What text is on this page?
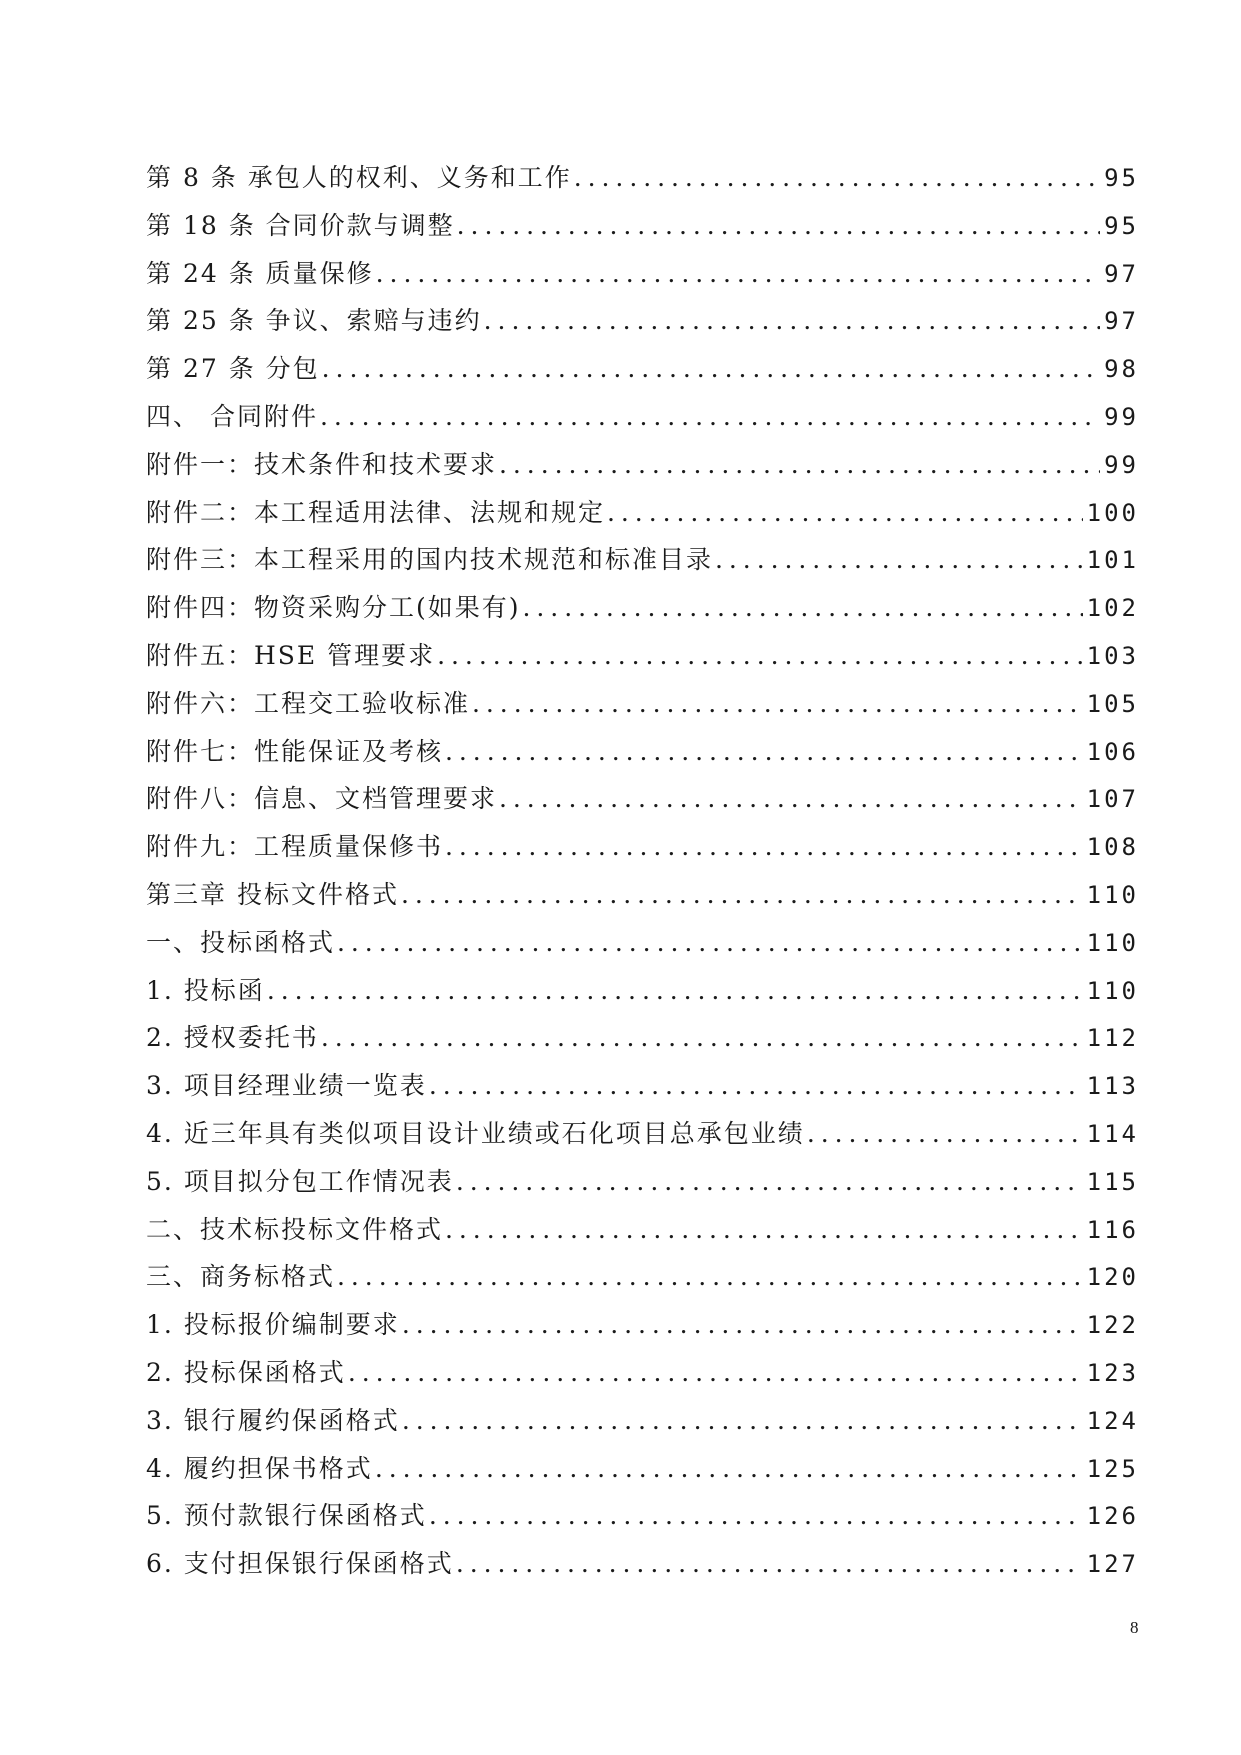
第 8 条 承包人的权利、义务和工作 . . .	95
第 18 条 合同价款与调整 . . .	95
第 24 条 质量保修 . . .	97
第 25 条 争议、索赔与违约 . . .	97
第 27 条 分包 . . .	98
四、 合同附件 . . .	99
附件一：技术条件和技术要求 . . .	99
附件二：本工程适用法律、法规和规定 . . .	100
附件三：本工程采用的国内技术规范和标准目录 . . .	101
附件四：物资采购分工(如果有) . . .	102
附件五：HSE 管理要求 . . .	103
附件六：工程交工验收标准 . . .	105
附件七：性能保证及考核 . . .	106
附件八：信息、文档管理要求 . . .	107
附件九：工程质量保修书 . . .	108
第三章 投标文件格式 . . .	110
一、投标函格式 . . .	110
1. 投标函 . . .	110
2. 授权委托书 . . .	112
3. 项目经理业绩一览表 . . .	113
4. 近三年具有类似项目设计业绩或石化项目总承包业绩 . . .	114
5. 项目拟分包工作情况表 . . .	115
二、技术标投标文件格式 . . .	116
三、商务标格式 . . .	120
1. 投标报价编制要求 . . .	122
2. 投标保函格式 . . .	123
3. 银行履约保函格式 . . .	124
4. 履约担保书格式 . . .	125
5. 预付款银行保函格式 . . .	126
6. 支付担保银行保函格式 . . .	127
8
